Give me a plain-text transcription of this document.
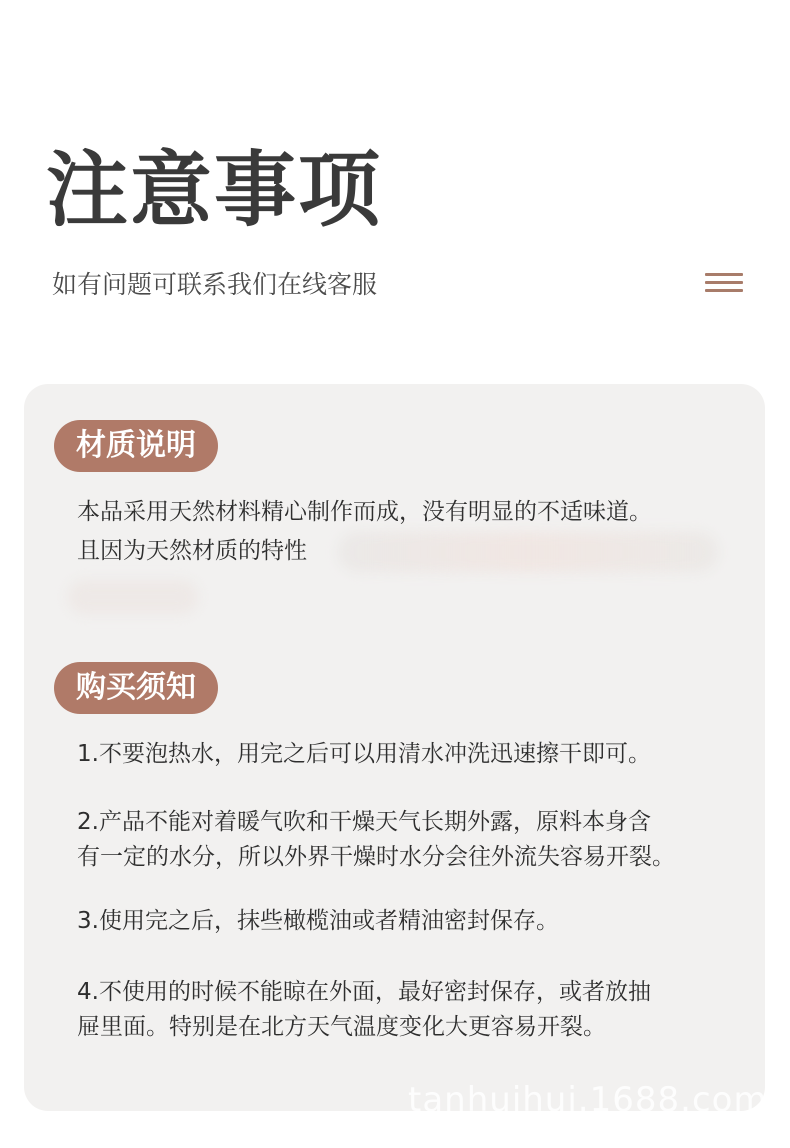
注意事项
如有问题可联系我们在线客服
材质说明
本品采用天然材料精心制作而成，没有明显的不适味道。
且因为天然材质的特性
购买须知
1.不要泡热水，用完之后可以用清水冲洗迅速擦干即可。
2.产品不能对着暖气吹和干燥天气长期外露，原料本身含
有一定的水分，所以外界干燥时水分会往外流失容易开裂。
3.使用完之后，抹些橄榄油或者精油密封保存。
4.不使用的时候不能晾在外面，最好密封保存，或者放抽
屉里面。特别是在北方天气温度变化大更容易开裂。
tanhuihui.1688.com
